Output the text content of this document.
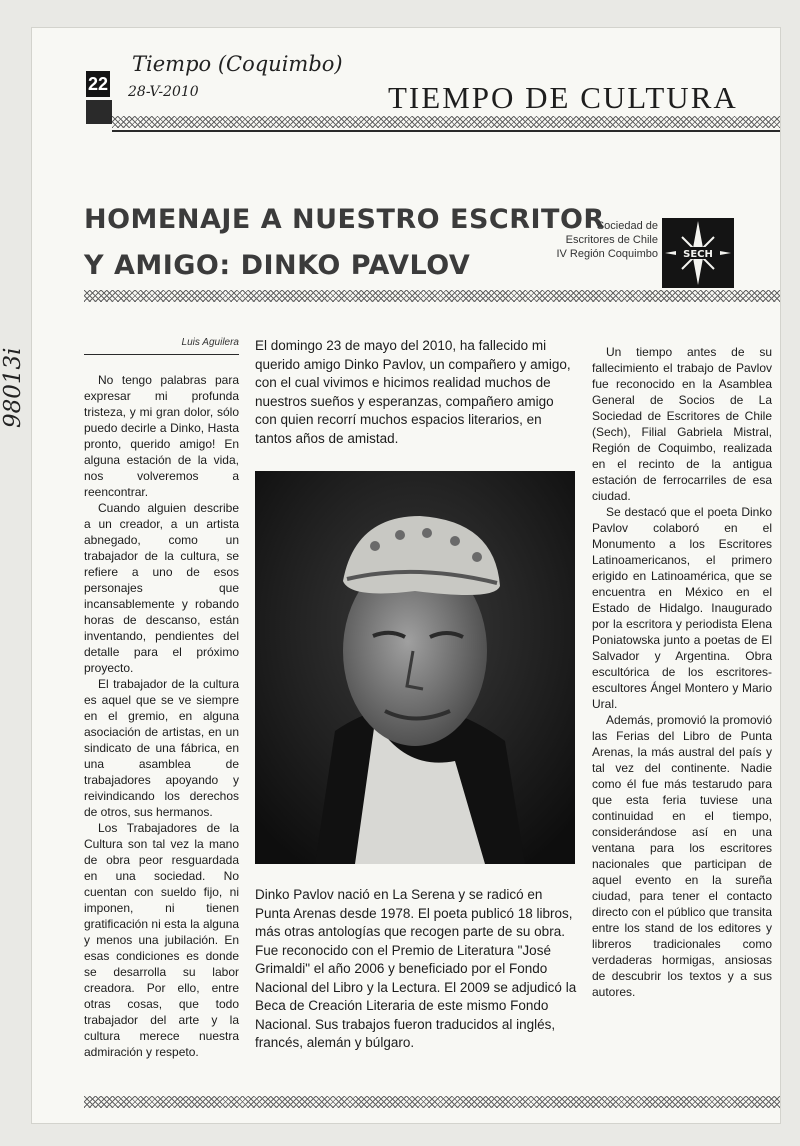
Tiempo (Coquimbo)
28-V-2010
98013i
22	TIEMPO DE CULTURA
HOMENAJE A NUESTRO ESCRITOR
Y AMIGO: DINKO PAVLOV
Sociedad de
Escritores de Chile
IV Región Coquimbo	SECH
Luis Aguilera

No tengo palabras para expresar mi profunda tristeza, y mi gran dolor, sólo puedo decirle a Dinko, Hasta pronto, querido amigo! En alguna estación de la vida, nos volveremos a reencontrar.

Cuando alguien describe a un creador, a un artista abnegado, como un trabajador de la cultura, se refiere a uno de esos personajes que incansablemente y robando horas de descanso, están inventando, pendientes del detalle para el próximo proyecto.

El trabajador de la cultura es aquel que se ve siempre en el gremio, en alguna asociación de artistas, en un sindicato de una fábrica, en una asamblea de trabajadores apoyando y reivindicando los derechos de otros, sus hermanos.

Los Trabajadores de la Cultura son tal vez la mano de obra peor resguardada en una sociedad. No cuentan con sueldo fijo, ni imponen, ni tienen gratificación ni esta la alguna y menos una jubilación. En esas condiciones es donde se desarrolla su labor creadora. Por ello, entre otras cosas, que todo trabajador del arte y la cultura merece nuestra admiración y respeto.

El domingo 23 de mayo del 2010, ha fallecido mi querido amigo Dinko Pavlov, un compañero y amigo, con el cual vivimos e hicimos realidad muchos de nuestros sueños y esperanzas, compañero amigo con quien recorrí muchos espacios literarios, en tantos años de amistad.
Dinko Pavlov nació en La Serena y se radicó en Punta Arenas desde 1978. El poeta publicó 18 libros, más otras antologías que recogen parte de su obra.
Fue reconocido con el Premio de Literatura "José Grimaldi" el año 2006 y beneficiado por el Fondo Nacional del Libro y la Lectura. El 2009 se adjudicó la Beca de Creación Literaria de este mismo Fondo Nacional. Sus trabajos fueron traducidos al inglés, francés, alemán y búlgaro.

Un tiempo antes de su fallecimiento el trabajo de Pavlov fue reconocido en la Asamblea General de Socios de La Sociedad de Escritores de Chile (Sech), Filial Gabriela Mistral, Región de Coquimbo, realizada en el recinto de la antigua estación de ferrocarriles de esa ciudad.

Se destacó que el poeta Dinko Pavlov colaboró en el Monumento a los Escritores Latinoamericanos, el primero erigido en Latinoamérica, que se encuentra en México en el Estado de Hidalgo. Inaugurado por la escritora y periodista Elena Poniatowska junto a poetas de El Salvador y Argentina. Obra escultórica de los escritores-escultores Ángel Montero y Mario Ural.

Además, promovió la promovió las Ferias del Libro de Punta Arenas, la más austral del país y tal vez del continente. Nadie como él fue más testarudo para que esta feria tuviese una continuidad en el tiempo, considerándose así en una ventana para los escritores nacionales que participan de aquel evento en la sureña ciudad, para tener el contacto directo con el público que transita entre los stand de los editores y libreros tradicionales como verdaderas hormigas, ansiosas de descubrir los textos y a sus autores.
